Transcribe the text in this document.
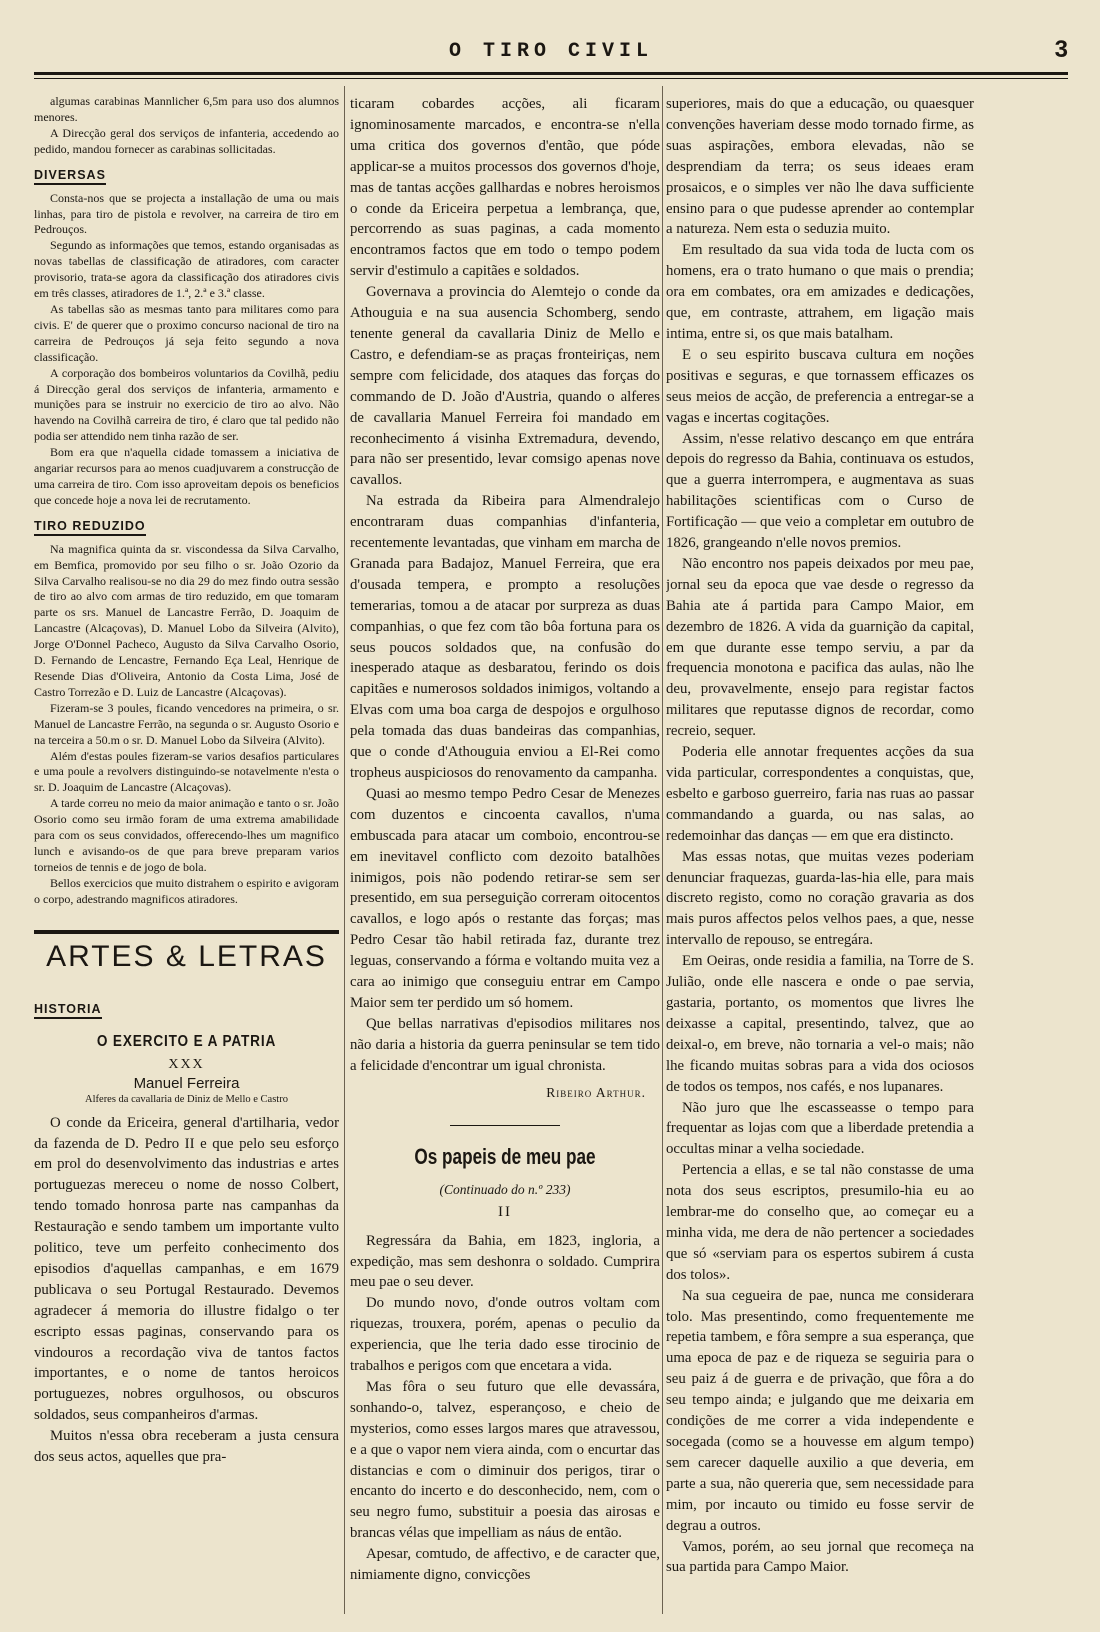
O TIRO CIVIL	3

algumas carabinas Mannlicher 6,5m para uso dos alumnos menores.

A Direcção geral dos serviços de infanteria, accedendo ao pedido, mandou fornecer as carabinas sollicitadas.

DIVERSAS

Consta-nos que se projecta a installação de uma ou mais linhas, para tiro de pistola e revolver, na carreira de tiro em Pedrouços.

Segundo as informações que temos, estando organisadas as novas tabellas de classificação de atiradores, com caracter provisorio, trata-se agora da classificação dos atiradores civis em três classes, atiradores de 1.ª, 2.ª e 3.ª classe.

As tabellas são as mesmas tanto para militares como para civis. E' de querer que o proximo concurso nacional de tiro na carreira de Pedrouços já seja feito segundo a nova classificação.

A corporação dos bombeiros voluntarios da Covilhã, pediu á Direcção geral dos serviços de infanteria, armamento e munições para se instruir no exercicio de tiro ao alvo. Não havendo na Covilhã carreira de tiro, é claro que tal pedido não podia ser attendido nem tinha razão de ser.

Bom era que n'aquella cidade tomassem a iniciativa de angariar recursos para ao menos cuadjuvarem a construcção de uma carreira de tiro. Com isso aproveitam depois os beneficios que concede hoje a nova lei de recrutamento.

TIRO REDUZIDO

Na magnifica quinta da sr. viscondessa da Silva Carvalho, em Bemfica, promovido por seu filho o sr. João Ozorio da Silva Carvalho realisou-se no dia 29 do mez findo outra sessão de tiro ao alvo com armas de tiro reduzido, em que tomaram parte os srs. Manuel de Lancastre Ferrão, D. Joaquim de Lancastre (Alcaçovas), D. Manuel Lobo da Silveira (Alvito), Jorge O'Donnel Pacheco, Augusto da Silva Carvalho Osorio, D. Fernando de Lencastre, Fernando Eça Leal, Henrique de Resende Dias d'Oliveira, Antonio da Costa Lima, José de Castro Torrezão e D. Luiz de Lancastre (Alcaçovas).

Fizeram-se 3 poules, ficando vencedores na primeira, o sr. Manuel de Lancastre Ferrão, na segunda o sr. Augusto Osorio e na terceira a 50.m o sr. D. Manuel Lobo da Silveira (Alvito).

Além d'estas poules fizeram-se varios desafios particulares e uma poule a revolvers distinguindo-se notavelmente n'esta o sr. D. Joaquim de Lancastre (Alcaçovas).

A tarde correu no meio da maior animação e tanto o sr. João Osorio como seu irmão foram de uma extrema amabilidade para com os seus convidados, offerecendo-lhes um magnifico lunch e avisando-os de que para breve preparam varios torneios de tennis e de jogo de bola.

Bellos exercicios que muito distrahem o espirito e avigoram o corpo, adestrando magnificos atiradores.

ARTES & LETRAS
HISTORIA
O EXERCITO E A PATRIA
XXX
Manuel Ferreira
Alferes da cavallaria de Diniz de Mello e Castro

O conde da Ericeira, general d'artilharia, vedor da fazenda de D. Pedro II e que pelo seu esforço em prol do desenvolvimento das industrias e artes portuguezas mereceu o nome de nosso Colbert, tendo tomado honrosa parte nas campanhas da Restauração e sendo tambem um importante vulto politico, teve um perfeito conhecimento dos episodios d'aquellas campanhas, e em 1679 publicava o seu Portugal Restaurado. Devemos agradecer á memoria do illustre fidalgo o ter escripto essas paginas, conservando para os vindouros a recordação viva de tantos factos importantes, e o nome de tantos heroicos portuguezes, nobres orgulhosos, ou obscuros soldados, seus companheiros d'armas.

Muitos n'essa obra receberam a justa censura dos seus actos, aquelles que pra-

ticaram cobardes acções, ali ficaram ignominosamente marcados, e encontra-se n'ella uma critica dos governos d'então, que póde applicar-se a muitos processos dos governos d'hoje, mas de tantas acções gallhardas e nobres heroismos o conde da Ericeira perpetua a lembrança, que, percorrendo as suas paginas, a cada momento encontramos factos que em todo o tempo podem servir d'estimulo a capitães e soldados.

Governava a provincia do Alemtejo o conde da Athouguia e na sua ausencia Schomberg, sendo tenente general da cavallaria Diniz de Mello e Castro, e defendiam-se as praças fronteiriças, nem sempre com felicidade, dos ataques das forças do commando de D. João d'Austria, quando o alferes de cavallaria Manuel Ferreira foi mandado em reconhecimento á visinha Extremadura, devendo, para não ser presentido, levar comsigo apenas nove cavallos.

Na estrada da Ribeira para Almendralejo encontraram duas companhias d'infanteria, recentemente levantadas, que vinham em marcha de Granada para Badajoz, Manuel Ferreira, que era d'ousada tempera, e prompto a resoluções temerarias, tomou a de atacar por surpreza as duas companhias, o que fez com tão bôa fortuna para os seus poucos soldados que, na confusão do inesperado ataque as desbaratou, ferindo os dois capitães e numerosos soldados inimigos, voltando a Elvas com uma boa carga de despojos e orgulhoso pela tomada das duas bandeiras das companhias, que o conde d'Athouguia enviou a El-Rei como tropheus auspiciosos do renovamento da campanha.

Quasi ao mesmo tempo Pedro Cesar de Menezes com duzentos e cincoenta cavallos, n'uma embuscada para atacar um comboio, encontrou-se em inevitavel conflicto com dezoito batalhões inimigos, pois não podendo retirar-se sem ser presentido, em sua perseguição correram oitocentos cavallos, e logo após o restante das forças; mas Pedro Cesar tão habil retirada faz, durante trez leguas, conservando a fórma e voltando muita vez a cara ao inimigo que conseguiu entrar em Campo Maior sem ter perdido um só homem.

Que bellas narrativas d'episodios militares nos não daria a historia da guerra peninsular se tem tido a felicidade d'encontrar um igual chronista.

Ribeiro Arthur.
Os papeis de meu pae
(Continuado do n.º 233)
II

Regressára da Bahia, em 1823, ingloria, a expedição, mas sem deshonra o soldado. Cumprira meu pae o seu dever.

Do mundo novo, d'onde outros voltam com riquezas, trouxera, porém, apenas o peculio da experiencia, que lhe teria dado esse tirocinio de trabalhos e perigos com que encetara a vida.

Mas fôra o seu futuro que elle devassára, sonhando-o, talvez, esperançoso, e cheio de mysterios, como esses largos mares que atravessou, e a que o vapor nem viera ainda, com o encurtar das distancias e com o diminuir dos perigos, tirar o encanto do incerto e do desconhecido, nem, com o seu negro fumo, substituir a poesia das airosas e brancas vélas que impelliam as náus de então.

Apesar, comtudo, de affectivo, e de caracter que, nimiamente digno, convicções

superiores, mais do que a educação, ou quaesquer convenções haveriam desse modo tornado firme, as suas aspirações, embora elevadas, não se desprendiam da terra; os seus ideaes eram prosaicos, e o simples ver não lhe dava sufficiente ensino para o que pudesse aprender ao contemplar a natureza. Nem esta o seduzia muito.

Em resultado da sua vida toda de lucta com os homens, era o trato humano o que mais o prendia; ora em combates, ora em amizades e dedicações, que, em contraste, attrahem, em ligação mais intima, entre si, os que mais batalham.

E o seu espirito buscava cultura em noções positivas e seguras, e que tornassem efficazes os seus meios de acção, de preferencia a entregar-se a vagas e incertas cogitações.

Assim, n'esse relativo descanço em que entrára depois do regresso da Bahia, continuava os estudos, que a guerra interrompera, e augmentava as suas habilitações scientificas com o Curso de Fortificação — que veio a completar em outubro de 1826, grangeando n'elle novos premios.

Não encontro nos papeis deixados por meu pae, jornal seu da epoca que vae desde o regresso da Bahia ate á partida para Campo Maior, em dezembro de 1826. A vida da guarnição da capital, em que durante esse tempo serviu, a par da frequencia monotona e pacifica das aulas, não lhe deu, provavelmente, ensejo para registar factos militares que reputasse dignos de recordar, como recreio, sequer.

Poderia elle annotar frequentes acções da sua vida particular, correspondentes a conquistas, que, esbelto e garboso guerreiro, faria nas ruas ao passar commandando a guarda, ou nas salas, ao redemoinhar das danças — em que era distincto.

Mas essas notas, que muitas vezes poderiam denunciar fraquezas, guarda-las-hia elle, para mais discreto registo, como no coração gravaria as dos mais puros affectos pelos velhos paes, a que, nesse intervallo de repouso, se entregára.

Em Oeiras, onde residia a familia, na Torre de S. Julião, onde elle nascera e onde o pae servia, gastaria, portanto, os momentos que livres lhe deixasse a capital, presentindo, talvez, que ao deixal-o, em breve, não tornaria a vel-o mais; não lhe ficando muitas sobras para a vida dos ociosos de todos os tempos, nos cafés, e nos lupanares.

Não juro que lhe escasseasse o tempo para frequentar as lojas com que a liberdade pretendia a occultas minar a velha sociedade.

Pertencia a ellas, e se tal não constasse de uma nota dos seus escriptos, presumilo-hia eu ao lembrar-me do conselho que, ao começar eu a minha vida, me dera de não pertencer a sociedades que só «serviam para os espertos subirem á custa dos tolos».

Na sua cegueira de pae, nunca me considerara tolo. Mas presentindo, como frequentemente me repetia tambem, e fôra sempre a sua esperança, que uma epoca de paz e de riqueza se seguiria para o seu paiz á de guerra e de privação, que fôra a do seu tempo ainda; e julgando que me deixaria em condições de me correr a vida independente e socegada (como se a houvesse em algum tempo) sem carecer daquelle auxilio a que deveria, em parte a sua, não quereria que, sem necessidade para mim, por incauto ou timido eu fosse servir de degrau a outros.

Vamos, porém, ao seu jornal que recomeça na sua partida para Campo Maior.
